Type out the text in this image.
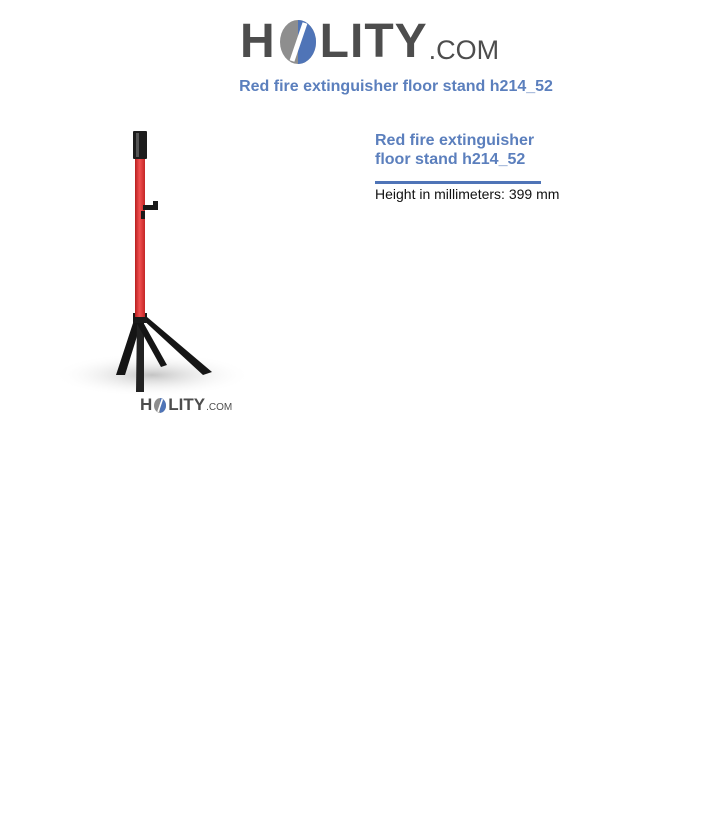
H LITY .COM
Red fire extinguisher floor stand h214_52
H LITY .COM
Red fire extinguisher
floor stand h214_52
Height in millimeters: 399 mm
